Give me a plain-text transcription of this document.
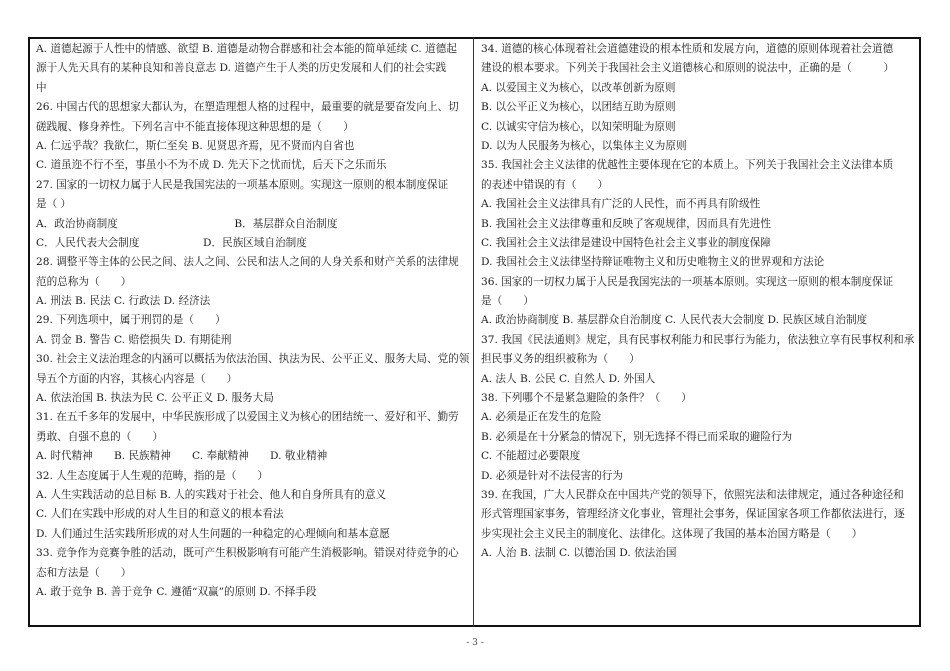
A. 道德起源于人性中的情感、欲望 B. 道德是动物合群感和社会本能的简单延续 C. 道德起
源于人先天具有的某种良知和善良意志 D. 道德产生于人类的历史发展和人们的社会实践
中
26. 中国古代的思想家大都认为，在塑造理想人格的过程中，最重要的就是要奋发向上、切
磋践履、修身养性。下列名言中不能直接体现这种思想的是（　　）
A. 仁远乎哉？我欲仁，斯仁至矣 B. 见贤思齐焉，见不贤而内自省也
C. 道虽迩不行不至，事虽小不为不成 D. 先天下之忧而忧，后天下之乐而乐
27. 国家的一切权力属于人民是我国宪法的一项基本原则。实现这一原则的根本制度保证
是（ ）
A．政治协商制度　　　　　　　　　　　B．基层群众自治制度
C．人民代表大会制度　　　　　　D．民族区域自治制度
28. 调整平等主体的公民之间、法人之间、公民和法人之间的人身关系和财产关系的法律规
范的总称为（　　）
A. 刑法 B. 民法 C. 行政法 D. 经济法
29. 下列选项中，属于刑罚的是（　　）
A. 罚金 B. 警告 C. 赔偿损失 D. 有期徒刑
30. 社会主义法治理念的内涵可以概括为依法治国、执法为民、公平正义、服务大局、党的领
导五个方面的内容，其核心内容是（　　）
A. 依法治国 B. 执法为民 C. 公平正义 D. 服务大局
31. 在五千多年的发展中，中华民族形成了以爱国主义为核心的团结统一、爱好和平、勤劳
勇敢、自强不息的（　　）
A. 时代精神　　B. 民族精神　　C. 奉献精神　　D. 敬业精神
32. 人生态度属于人生观的范畴，指的是（　　）
A. 人生实践活动的总目标 B. 人的实践对于社会、他人和自身所具有的意义
C. 人们在实践中形成的对人生目的和意义的根本看法
D. 人们通过生活实践所形成的对人生问题的一种稳定的心理倾向和基本意愿
33. 竞争作为竞赛争胜的活动，既可产生积极影响有可能产生消极影响。错误对待竞争的心
态和方法是（　　）
A. 敢于竞争 B. 善于竞争 C. 遵循“双赢”的原则 D. 不择手段
34. 道德的核心体现着社会道德建设的根本性质和发展方向，道德的原则体现着社会道德
建设的根本要求。下列关于我国社会主义道德核心和原则的说法中，正确的是（　　　）
A. 以爱国主义为核心，以改革创新为原则
B. 以公平正义为核心，以团结互助为原则
C. 以诚实守信为核心，以知荣明耻为原则
D. 以为人民服务为核心，以集体主义为原则
35. 我国社会主义法律的优越性主要体现在它的本质上。下列关于我国社会主义法律本质
的表述中错误的有（　　）
A. 我国社会主义法律具有广泛的人民性，而不再具有阶级性
B. 我国社会主义法律尊重和反映了客观规律，因而具有先进性
C. 我国社会主义法律是建设中国特色社会主义事业的制度保障
D. 我国社会主义法律坚持辩证唯物主义和历史唯物主义的世界观和方法论
36. 国家的一切权力属于人民是我国宪法的一项基本原则。实现这一原则的根本制度保证
是（　　）
A. 政治协商制度 B. 基层群众自治制度 C. 人民代表大会制度 D. 民族区域自治制度
37. 我国《民法通则》规定，具有民事权利能力和民事行为能力，依法独立享有民事权利和承
担民事义务的组织被称为（　　）
A. 法人 B. 公民 C. 自然人 D. 外国人
38. 下列哪个不是紧急避险的条件？（　　）
A. 必须是正在发生的危险
B. 必须是在十分紧急的情况下，别无选择不得已而采取的避险行为
C. 不能超过必要限度
D. 必须是针对不法侵害的行为
39. 在我国，广大人民群众在中国共产党的领导下，依照宪法和法律规定，通过各种途径和
形式管理国家事务，管理经济文化事业，管理社会事务，保证国家各项工作都依法进行，逐
步实现社会主义民主的制度化、法律化。这体现了我国的基本治国方略是（　　）
A. 人治 B. 法制 C. 以德治国 D. 依法治国
- 3 -
